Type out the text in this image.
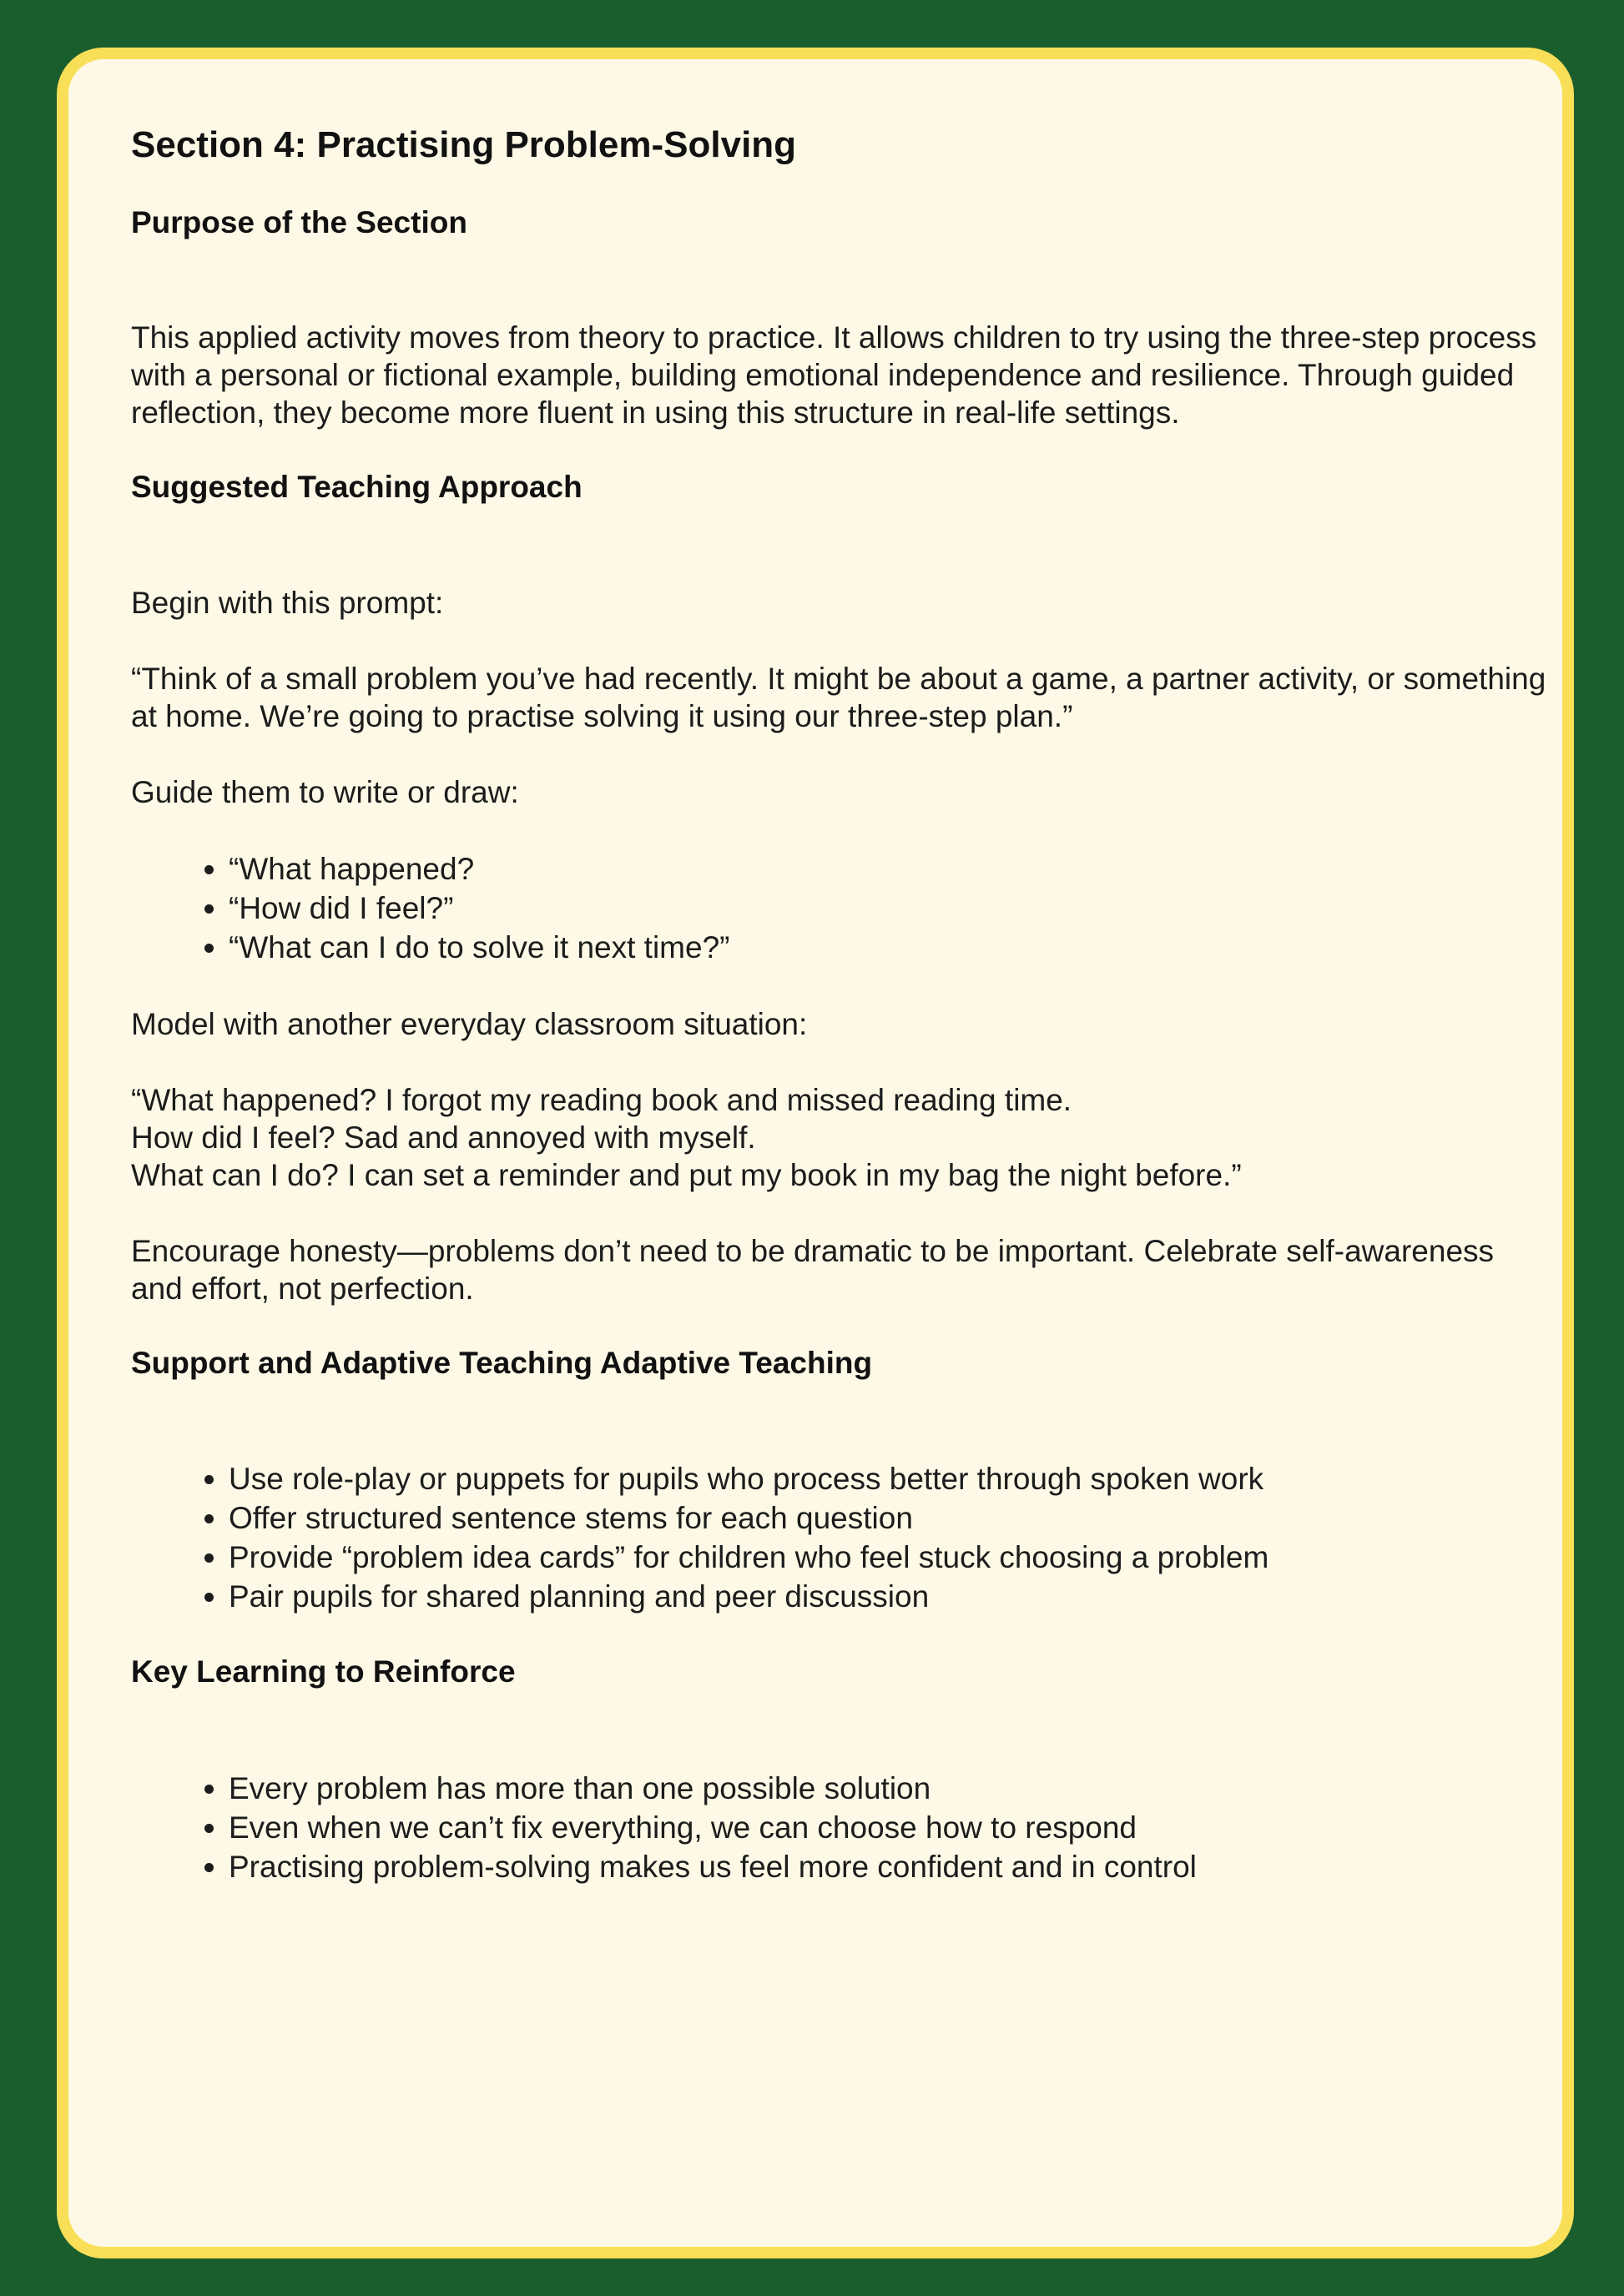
Section 4: Practising Problem-Solving
Purpose of the Section

This applied activity moves from theory to practice. It allows children to try using the three-step process with a personal or fictional example, building emotional independence and resilience. Through guided reflection, they become more fluent in using this structure in real-life settings.

Suggested Teaching Approach

Begin with this prompt:

“Think of a small problem you’ve had recently. It might be about a game, a partner activity, or something at home. We’re going to practise solving it using our three-step plan.”

Guide them to write or draw:

• “What happened?
• “How did I feel?”
• “What can I do to solve it next time?”

Model with another everyday classroom situation:

“What happened? I forgot my reading book and missed reading time.
How did I feel? Sad and annoyed with myself.
What can I do? I can set a reminder and put my book in my bag the night before.”

Encourage honesty—problems don’t need to be dramatic to be important. Celebrate self-awareness and effort, not perfection.

Support and Adaptive Teaching Adaptive Teaching
• Use role-play or puppets for pupils who process better through spoken work
• Offer structured sentence stems for each question
• Provide “problem idea cards” for children who feel stuck choosing a problem
• Pair pupils for shared planning and peer discussion
Key Learning to Reinforce
• Every problem has more than one possible solution
• Even when we can’t fix everything, we can choose how to respond
• Practising problem-solving makes us feel more confident and in control
